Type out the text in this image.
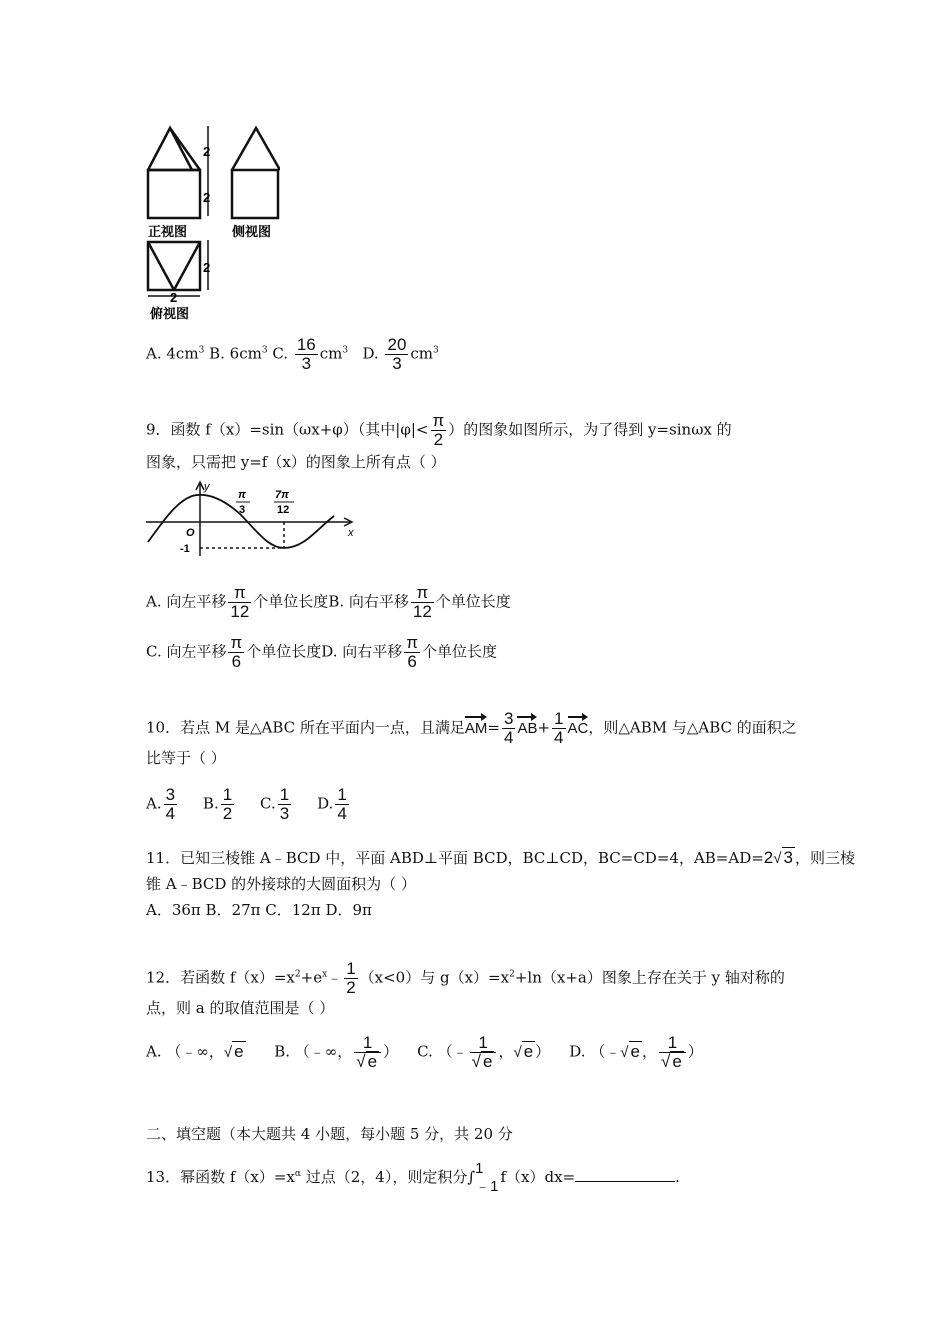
2
2
2
2
正视图	侧视图
俯视图
A. $4cm^3$ B. $6cm^3$ C. $\frac{16}{3} cm^3$ D. $\frac{20}{3} cm^3$
9．函数 f（x）=sin（ωx+φ）（其中$|\varphi|< \frac{\pi}{2}$ ）的图象如图所示，为了得到 y=sinωx 的
图象，只需把 y=f（x）的图象上所有点（ ）
y
x
O
-1
π
3
7π
12
A. 向左平移 $\frac{\pi}{12}$ 个单位长度B. 向右平移 $\frac{\pi}{12}$ 个单位长度
C. 向左平移 $\frac{\pi}{6}$ 个单位长度D. 向右平移 $\frac{\pi}{6}$ 个单位长度
10．若点 M 是△ABC 所在平面内一点，且满足$AM= \frac{3}{4} AB+ \frac{1}{4}$ AC，则△ABM 与△ABC 的面积之
比等于（ ）
A. $\frac{3}{4} B$. $\frac{1}{2} C$. $\frac{1}{3} D$. $\frac{1}{4}$
11．已知三棱锥 A﹣BCD 中，平面 ABD⊥平面 BCD，BC⊥CD，BC=CD=4，AB=AD=2√ 3 ，则三棱
锥 A﹣BCD 的外接球的大圆面积为（ ）
A．36π B．27π C．12π D．9π
12．若函数 $f(x)=x^2+e^x﹣ \frac{1}{2} (x<0)$与 $g(x)=x^2+\ln(x+a)$图象上存在关于 y 轴对称的
点，则 a 的取值范围是（ ）
A. （﹣∞，√ e B. （﹣∞， $\frac{1}{√ e}$ ） C. （﹣ $\frac{1}{√ e}$ ，√ e ） D. （﹣√ e ， $\frac{1}{√ e}$ ）
二、填空题（本大题共 4 小题，每小题 5 分，共 20 分
13．幂函数 $f(x)=x^\alpha$ 过点（2，4），则定积分∫ 1
﹣1
f（x）dx=	.
